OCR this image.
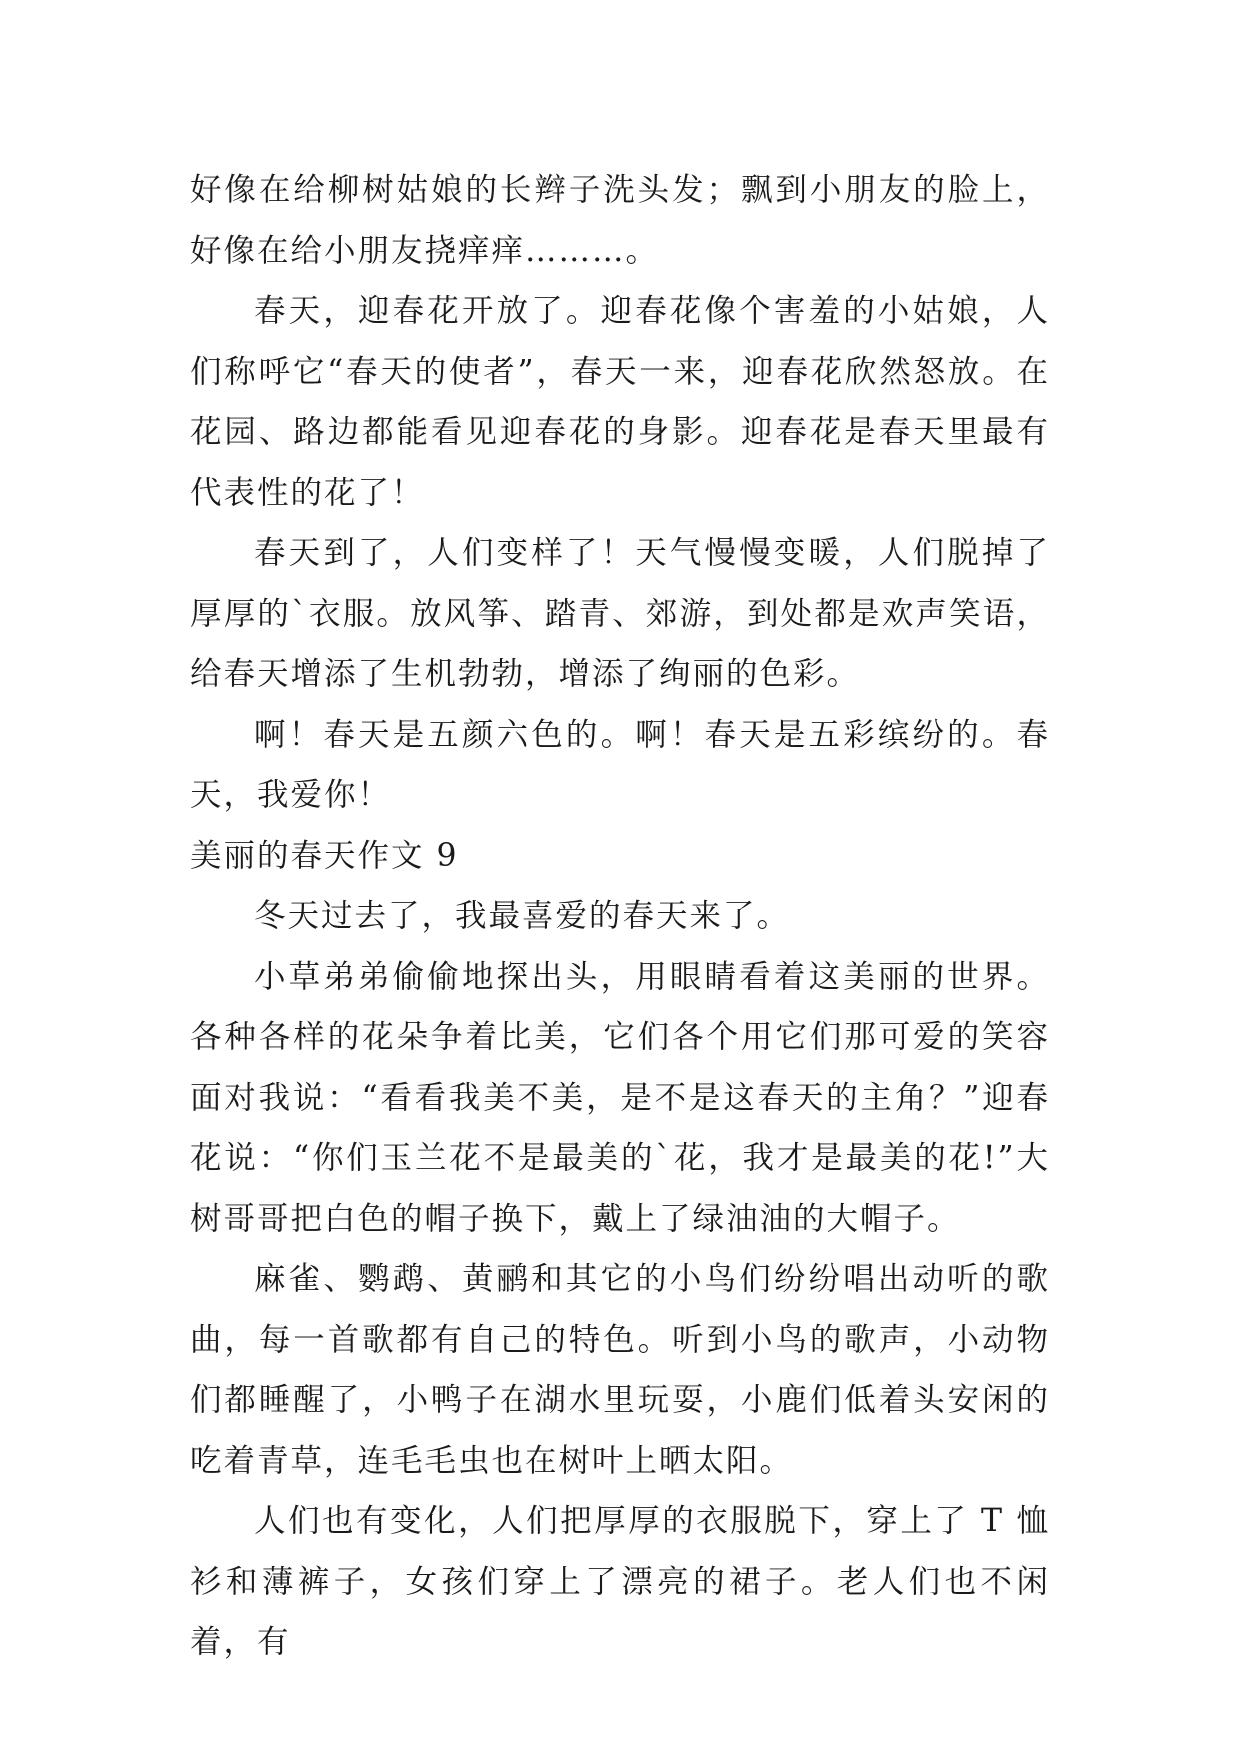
好像在给柳树姑娘的长辫子洗头发；飘到小朋友的脸上，好像在给小朋友挠痒痒………。

春天，迎春花开放了。迎春花像个害羞的小姑娘，人们称呼它“春天的使者”，春天一来，迎春花欣然怒放。在花园、路边都能看见迎春花的身影。迎春花是春天里最有代表性的花了！

春天到了，人们变样了！天气慢慢变暖，人们脱掉了厚厚的`衣服。放风筝、踏青、郊游，到处都是欢声笑语，给春天增添了生机勃勃，增添了绚丽的色彩。

啊！春天是五颜六色的。啊！春天是五彩缤纷的。春天，我爱你！

美丽的春天作文 9

冬天过去了，我最喜爱的春天来了。

小草弟弟偷偷地探出头，用眼睛看着这美丽的世界。各种各样的花朵争着比美，它们各个用它们那可爱的笑容面对我说：“看看我美不美，是不是这春天的主角？”迎春花说：“你们玉兰花不是最美的`花，我才是最美的花!”大树哥哥把白色的帽子换下，戴上了绿油油的大帽子。

麻雀、鹦鹉、黄鹂和其它的小鸟们纷纷唱出动听的歌曲，每一首歌都有自己的特色。听到小鸟的歌声，小动物们都睡醒了，小鸭子在湖水里玩耍，小鹿们低着头安闲的吃着青草，连毛毛虫也在树叶上晒太阳。

人们也有变化，人们把厚厚的衣服脱下，穿上了 T 恤衫和薄裤子，女孩们穿上了漂亮的裙子。老人们也不闲着，有
